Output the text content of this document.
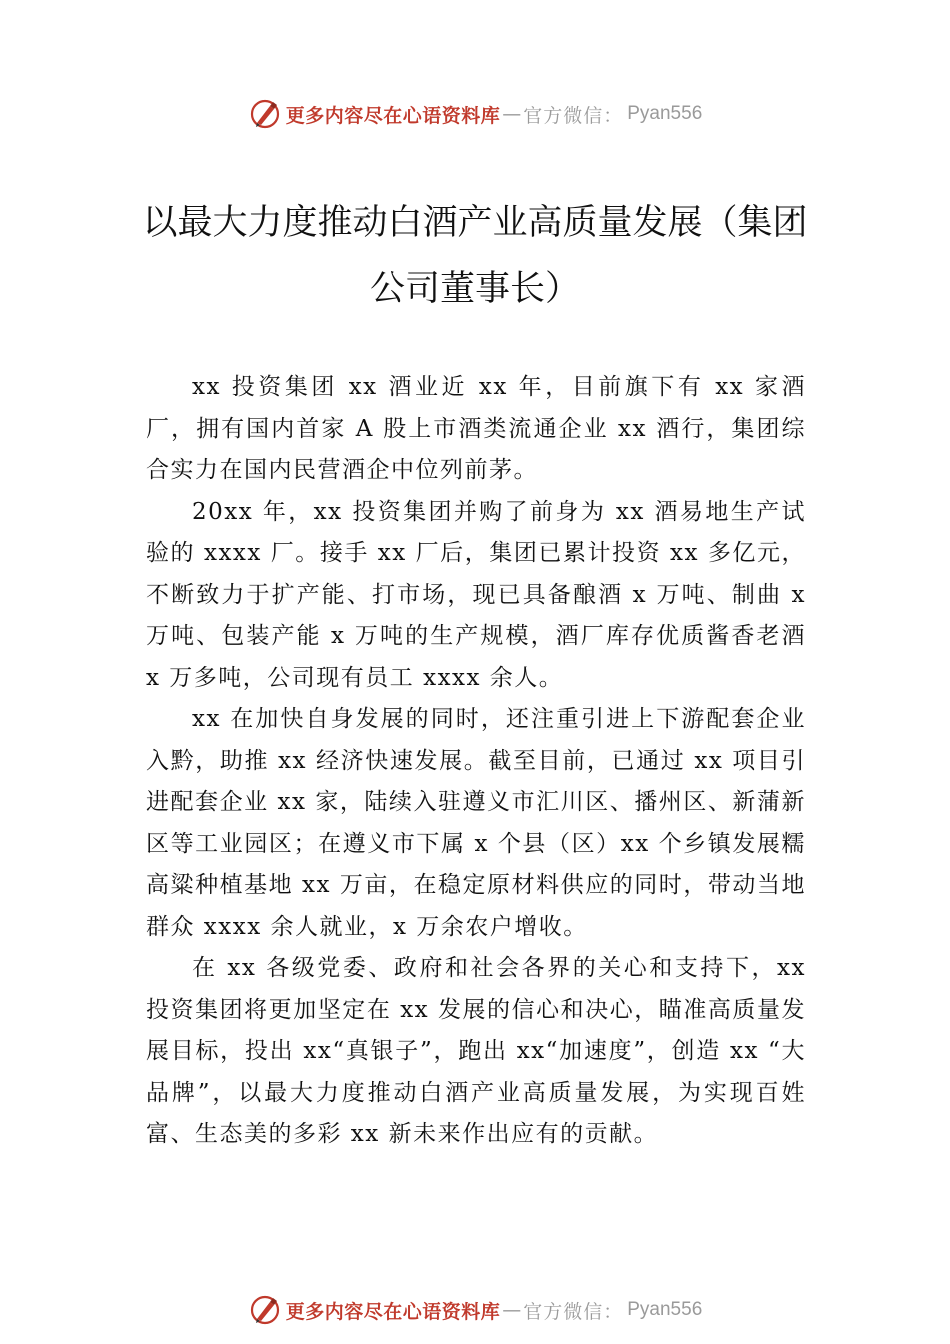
更多内容尽在心语资料库 — 官方微信： Pyan556
以最大力度推动白酒产业高质量发展（集团公司董事长）

xx 投资集团 xx 酒业近 xx 年，目前旗下有 xx 家酒厂，拥有国内首家 A 股上市酒类流通企业 xx 酒行，集团综合实力在国内民营酒企中位列前茅。

20xx 年，xx 投资集团并购了前身为 xx 酒易地生产试验的 xxxx 厂。接手 xx 厂后，集团已累计投资 xx 多亿元，不断致力于扩产能、打市场，现已具备酿酒 x 万吨、制曲 x 万吨、包装产能 x 万吨的生产规模，酒厂库存优质酱香老酒 x 万多吨，公司现有员工 xxxx 余人。

xx 在加快自身发展的同时，还注重引进上下游配套企业入黔，助推 xx 经济快速发展。截至目前，已通过 xx 项目引进配套企业 xx 家，陆续入驻遵义市汇川区、播州区、新蒲新区等工业园区；在遵义市下属 x 个县（区）xx 个乡镇发展糯高粱种植基地 xx 万亩，在稳定原材料供应的同时，带动当地群众 xxxx 余人就业，x 万余农户增收。

在 xx 各级党委、政府和社会各界的关心和支持下，xx 投资集团将更加坚定在 xx 发展的信心和决心，瞄准高质量发展目标，投出 xx“真银子”，跑出 xx“加速度”，创造 xx “大品牌”，以最大力度推动白酒产业高质量发展，为实现百姓富、生态美的多彩 xx 新未来作出应有的贡献。

更多内容尽在心语资料库 — 官方微信： Pyan556
